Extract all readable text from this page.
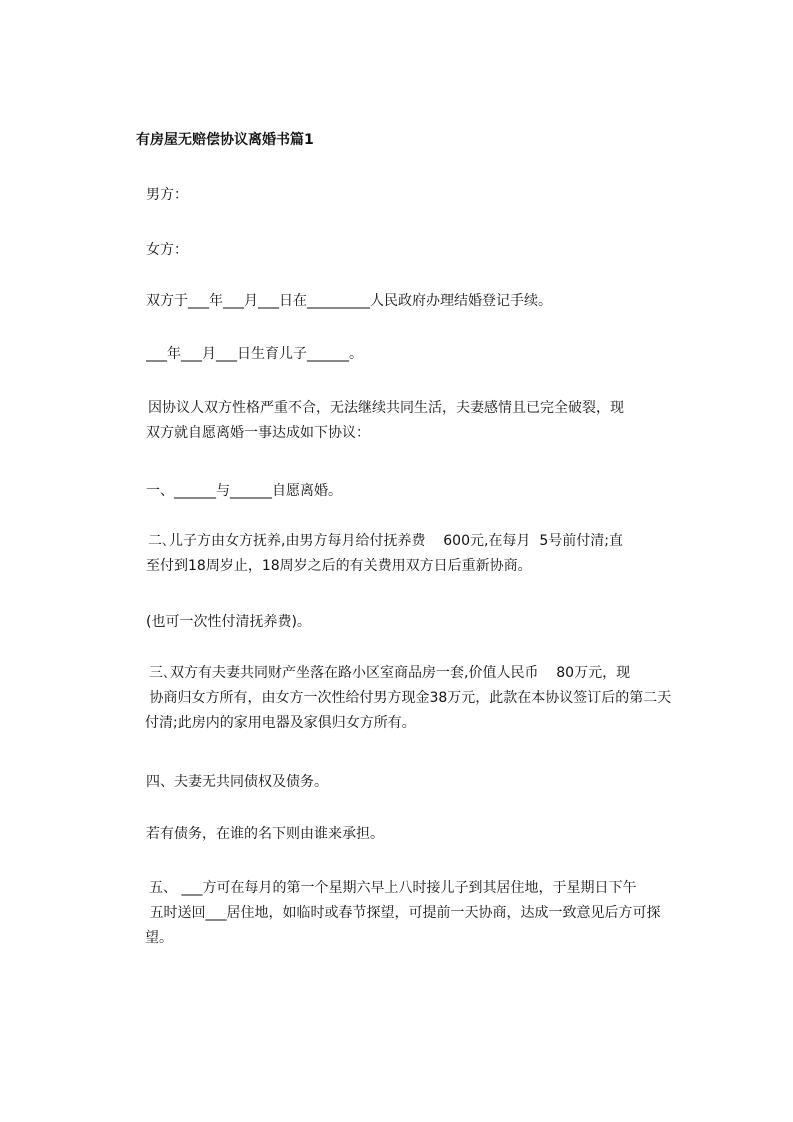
有房屋无赔偿协议离婚书篇1
男方：
女方：
双方于___年___月___日在_________人民政府办理结婚登记手续。
___年___月___日生育儿子______。
因协议人双方性格严重不合，无法继续共同生活，夫妻感情且已完全破裂，现
双方就自愿离婚一事达成如下协议：
一、______与______自愿离婚。
二､儿子方由女方抚养,由男方每月给付抚养费    600元,在每月  5号前付清;直
至付到18周岁止，18周岁之后的有关费用双方日后重新协商。
(也可一次性付清抚养费)。
三､双方有夫妻共同财产坐落在路小区室商品房一套,价值人民币    80万元，现
协商归女方所有，由女方一次性给付男方现金38万元，此款在本协议签订后的第二天
付清;此房内的家用电器及家俱归女方所有。
四、夫妻无共同债权及债务。
若有债务，在谁的名下则由谁来承担。
五、 ___方可在每月的第一个星期六早上八时接儿子到其居住地，于星期日下午
五时送回___居住地，如临时或春节探望，可提前一天协商，达成一致意见后方可探
望。
